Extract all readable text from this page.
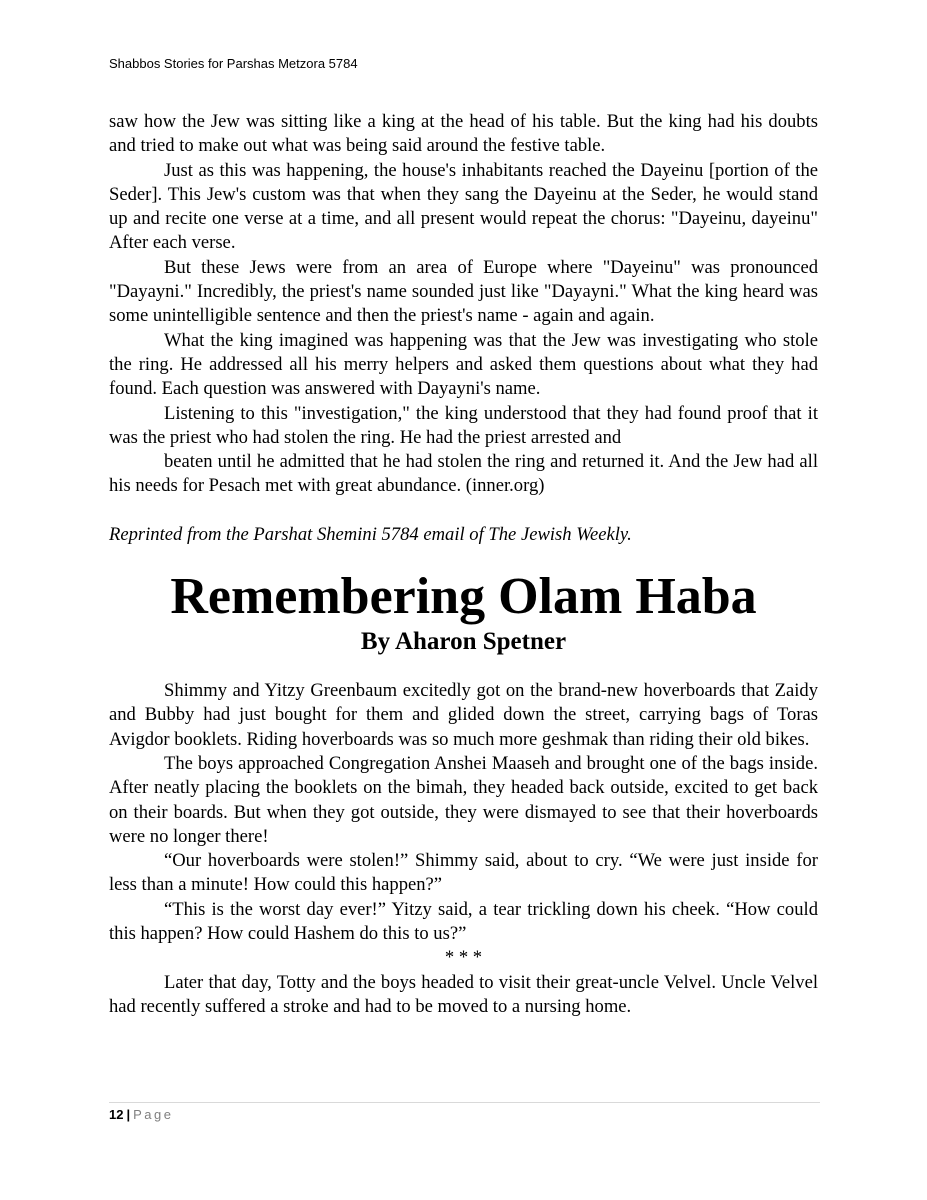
Shabbos Stories for Parshas Metzora 5784

saw how the Jew was sitting like a king at the head of his table. But the king had his doubts and tried to make out what was being said around the festive table.

Just as this was happening, the house's inhabitants reached the Dayeinu [portion of the Seder]. This Jew's custom was that when they sang the Dayeinu at the Seder, he would stand up and recite one verse at a time, and all present would repeat the chorus: "Dayeinu, dayeinu" After each verse.

But these Jews were from an area of Europe where "Dayeinu" was pronounced "Dayayni." Incredibly, the priest's name sounded just like "Dayayni." What the king heard was some unintelligible sentence and then the priest's name - again and again.

What the king imagined was happening was that the Jew was investigating who stole the ring. He addressed all his merry helpers and asked them questions about what they had found. Each question was answered with Dayayni's name.

Listening to this "investigation," the king understood that they had found proof that it was the priest who had stolen the ring. He had the priest arrested and

beaten until he admitted that he had stolen the ring and returned it. And the Jew had all his needs for Pesach met with great abundance. (inner.org)

Reprinted from the Parshat Shemini 5784 email of The Jewish Weekly.

Remembering Olam Haba
By Aharon Spetner

Shimmy and Yitzy Greenbaum excitedly got on the brand-new hoverboards that Zaidy and Bubby had just bought for them and glided down the street, carrying bags of Toras Avigdor booklets. Riding hoverboards was so much more geshmak than riding their old bikes.

The boys approached Congregation Anshei Maaseh and brought one of the bags inside. After neatly placing the booklets on the bimah, they headed back outside, excited to get back on their boards. But when they got outside, they were dismayed to see that their hoverboards were no longer there!

“Our hoverboards were stolen!” Shimmy said, about to cry. “We were just inside for less than a minute! How could this happen?”

“This is the worst day ever!” Yitzy said, a tear trickling down his cheek. “How could this happen? How could Hashem do this to us?”

* * *

Later that day, Totty and the boys headed to visit their great-uncle Velvel. Uncle Velvel had recently suffered a stroke and had to be moved to a nursing home.

12 | Page
